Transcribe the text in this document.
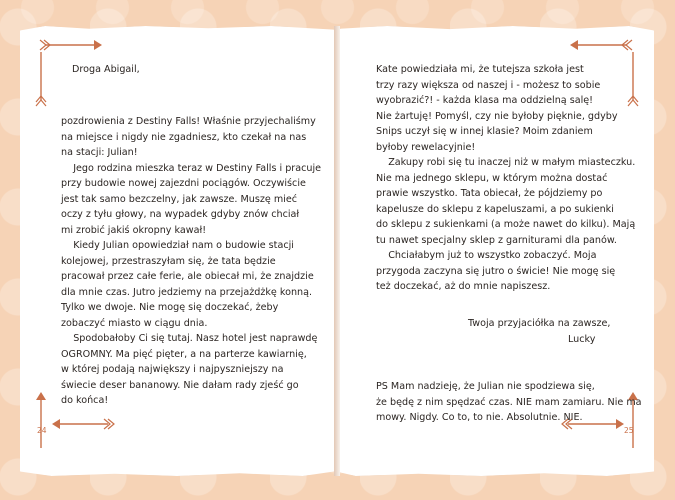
24	25
Droga Abigail,
pozdrowienia z Destiny Falls! Właśnie przyjechaliśmy
na miejsce i nigdy nie zgadniesz, kto czekał na nas
na stacji: Julian!
Jego rodzina mieszka teraz w Destiny Falls i pracuje
przy budowie nowej zajezdni pociągów. Oczywiście
jest tak samo bezczelny, jak zawsze. Muszę mieć
oczy z tyłu głowy, na wypadek gdyby znów chciał
mi zrobić jakiś okropny kawał!
Kiedy Julian opowiedział nam o budowie stacji
kolejowej, przestraszyłam się, że tata będzie
pracował przez całe ferie, ale obiecał mi, że znajdzie
dla mnie czas. Jutro jedziemy na przejażdżkę konną.
Tylko we dwoje. Nie mogę się doczekać, żeby
zobaczyć miasto w ciągu dnia.
Spodobałoby Ci się tutaj. Nasz hotel jest naprawdę
OGROMNY. Ma pięć pięter, a na parterze kawiarnię,
w której podają największy i najpyszniejszy na
świecie deser bananowy. Nie dałam rady zjeść go
do końca!
Kate powiedziała mi, że tutejsza szkoła jest
trzy razy większa od naszej i - możesz to sobie
wyobrazić?! - każda klasa ma oddzielną salę!
Nie żartuję! Pomyśl, czy nie byłoby pięknie, gdyby
Snips uczył się w innej klasie? Moim zdaniem
byłoby rewelacyjnie!
Zakupy robi się tu inaczej niż w małym miasteczku.
Nie ma jednego sklepu, w którym można dostać
prawie wszystko. Tata obiecał, że pójdziemy po
kapelusze do sklepu z kapeluszami, a po sukienki
do sklepu z sukienkami (a może nawet do kilku). Mają
tu nawet specjalny sklep z garniturami dla panów.
Chciałabym już to wszystko zobaczyć. Moja
przygoda zaczyna się jutro o świcie! Nie mogę się
też doczekać, aż do mnie napiszesz.
Twoja przyjaciółka na zawsze,
Lucky
PS Mam nadzieję, że Julian nie spodziewa się,
że będę z nim spędzać czas. NIE mam zamiaru. Nie ma
mowy. Nigdy. Co to, to nie. Absolutnie. NIE.
